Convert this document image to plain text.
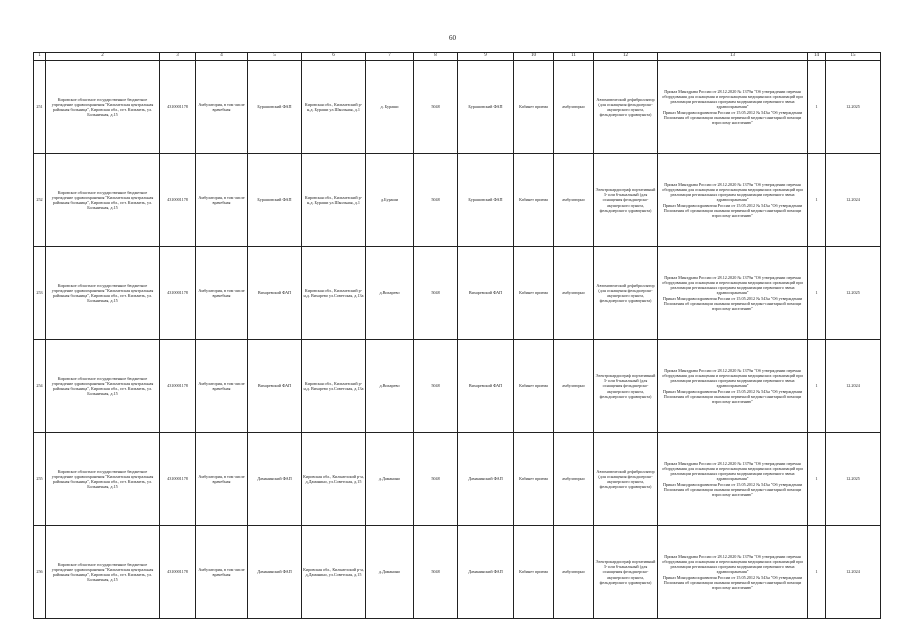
60
1	2	3	4	5	6	7	8	9	10	11	12	13	14	15
251	Кировское областное государственное бюджетное учреждение здравоохранения "Кильмезская центральная районная больница", Кировская обл., пгт. Кильмезь, ул. Больничная, д.15	4310001178	Амбулатория, в том числе врачебная	Бурашовский ФАП	Кировская обл., Кильмезский р-н,д. Бураши ул.Школьная, д.1	д. Бураши	5048	Бурашовский ФАП	Кабинет приема	амбулаторно	Автоматический дефибриллятор (для оснащения фельдшерско-акушерского пункта, фельдшерского здравпункта)	Приказ Минздрава России от 28.12.2020 № 1379н "Об утверждении перечня оборудования для оснащения и переоснащения медицинских организаций при реализации региональных программ модернизации первичного звена здравоохранения"
Приказ Минздравсоцразвития России от 15.05.2012 № 543н "Об утверждении Положения об организации оказания первичной медико-санитарной помощи взрослому населению"	1	12.2025
252	Кировское областное государственное бюджетное учреждение здравоохранения "Кильмезская центральная районная больница", Кировская обл., пгт. Кильмезь, ул. Больничная, д.15	4310001178	Амбулатория, в том числе врачебная	Бурашовский ФАП	Кировская обл., Кильмезский р-н,д. Бураши ул.Школьная, д.1	д.Бураши	5048	Бурашовский ФАП	Кабинет приема	амбулаторно	Электрокардиограф портативный 3- или 6-канальный (для оснащения фельдшерско-акушерского пункта, фельдшерского здравпункта)	Приказ Минздрава России от 28.12.2020 № 1379н "Об утверждении перечня оборудования для оснащения и переоснащения медицинских организаций при реализации региональных программ модернизации первичного звена здравоохранения"
Приказ Минздравсоцразвития России от 15.05.2012 № 543н "Об утверждении Положения об организации оказания первичной медико-санитарной помощи взрослому населению"	1	12.2024
253	Кировское областное государственное бюджетное учреждение здравоохранения "Кильмезская центральная районная больница", Кировская обл., пгт. Кильмезь, ул. Больничная, д.15	4310001178	Амбулатория, в том числе врачебная	Вихаревский ФАП	Кировская обл., Кильмезский р-н,д. Вихарево ул.Советская, д.13а	д.Вихарево	5048	Вихаревский ФАП	Кабинет приема	амбулаторно	Автоматический дефибриллятор (для оснащения фельдшерско-акушерского пункта, фельдшерского здравпункта)	Приказ Минздрава России от 28.12.2020 № 1379н "Об утверждении перечня оборудования для оснащения и переоснащения медицинских организаций при реализации региональных программ модернизации первичного звена здравоохранения"
Приказ Минздравсоцразвития России от 15.05.2012 № 543н "Об утверждении Положения об организации оказания первичной медико-санитарной помощи взрослому населению"	1	12.2025
254	Кировское областное государственное бюджетное учреждение здравоохранения "Кильмезская центральная районная больница", Кировская обл., пгт. Кильмезь, ул. Больничная, д.15	4310001178	Амбулатория, в том числе врачебная	Вихаревский ФАП	Кировская обл., Кильмезский р-н,д. Вихарево ул.Советская, д.13а	д.Вихарево	5048	Вихаревский ФАП	Кабинет приема	амбулаторно	Электрокардиограф портативный 3- или 6-канальный (для оснащения фельдшерско-акушерского пункта, фельдшерского здравпункта)	Приказ Минздрава России от 28.12.2020 № 1379н "Об утверждении перечня оборудования для оснащения и переоснащения медицинских организаций при реализации региональных программ модернизации первичного звена здравоохранения"
Приказ Минздравсоцразвития России от 15.05.2012 № 543н "Об утверждении Положения об организации оказания первичной медико-санитарной помощи взрослому населению"	1	12.2024
255	Кировское областное государственное бюджетное учреждение здравоохранения "Кильмезская центральная районная больница", Кировская обл., пгт. Кильмезь, ул. Больничная, д.15	4310001178	Амбулатория, в том числе врачебная	Даманинский ФАП	Кировская обл., Кильмезский р-н, д.Даманино, ул.Советская, д.15	д.Даманино	5048	Даманинский ФАП	Кабинет приема	амбулаторно	Автоматический дефибриллятор (для оснащения фельдшерско-акушерского пункта, фельдшерского здравпункта)	Приказ Минздрава России от 28.12.2020 № 1379н "Об утверждении перечня оборудования для оснащения и переоснащения медицинских организаций при реализации региональных программ модернизации первичного звена здравоохранения"
Приказ Минздравсоцразвития России от 15.05.2012 № 543н "Об утверждении Положения об организации оказания первичной медико-санитарной помощи взрослому населению"	1	12.2025
256	Кировское областное государственное бюджетное учреждение здравоохранения "Кильмезская центральная районная больница", Кировская обл., пгт. Кильмезь, ул. Больничная, д.15	4310001178	Амбулатория, в том числе врачебная	Даманинский ФАП	Кировская обл., Кильмезский р-н, д.Даманино, ул.Советская, д.15	д.Даманино	5048	Даманинский ФАП	Кабинет приема	амбулаторно	Электрокардиограф портативный 3- или 6-канальный (для оснащения фельдшерско-акушерского пункта, фельдшерского здравпункта)	Приказ Минздрава России от 28.12.2020 № 1379н "Об утверждении перечня оборудования для оснащения и переоснащения медицинских организаций при реализации региональных программ модернизации первичного звена здравоохранения"
Приказ Минздравсоцразвития России от 15.05.2012 № 543н "Об утверждении Положения об организации оказания первичной медико-санитарной помощи взрослому населению"	1	12.2024
